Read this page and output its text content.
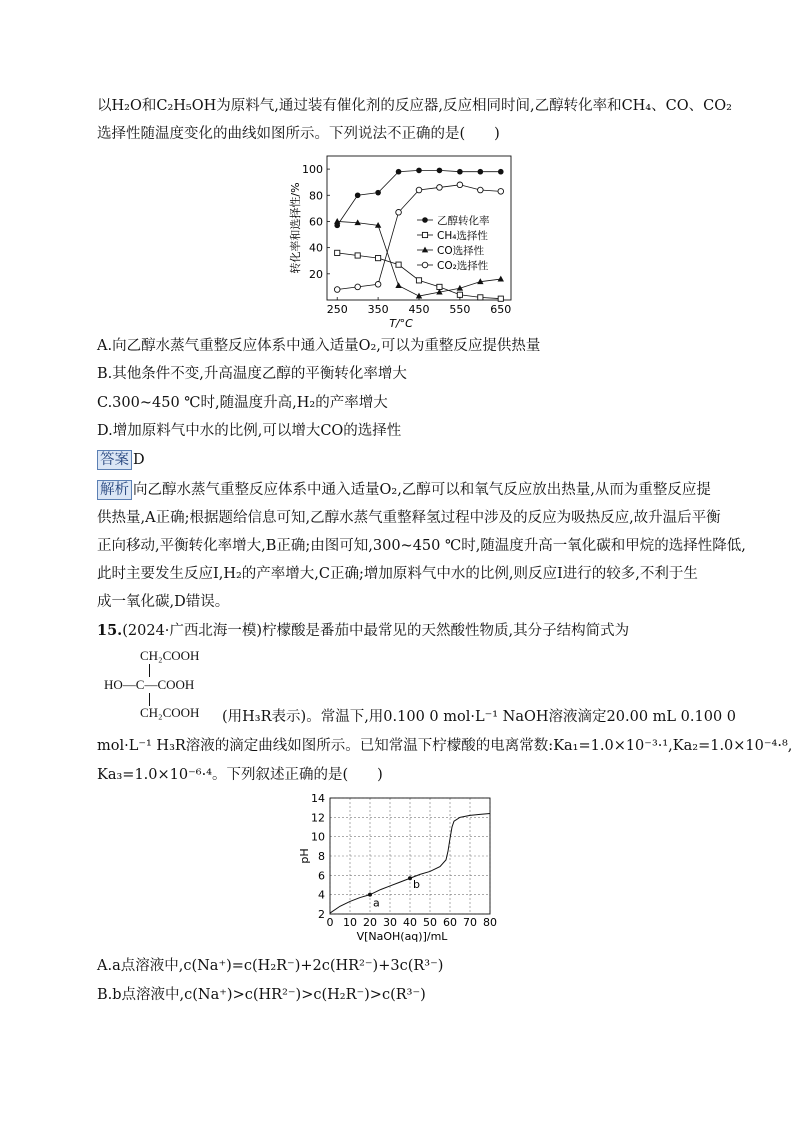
以H₂O和C₂H₅OH为原料气,通过装有催化剂的反应器,反应相同时间,乙醇转化率和CH₄、CO、CO₂
选择性随温度变化的曲线如图所示。下列说法不正确的是(　　)
20
40
60
80
100
250 350 450 550 650
T/°C
转化率和选择性/%	乙醇转化率
CH₄选择性
CO选择性
CO₂选择性
A.向乙醇水蒸气重整反应体系中通入适量O₂,可以为重整反应提供热量
B.其他条件不变,升高温度乙醇的平衡转化率增大
C.300~450 ℃时,随温度升高,H₂的产率增大
D.增加原料气中水的比例,可以增大CO的选择性
答案 D
解析 向乙醇水蒸气重整反应体系中通入适量O₂,乙醇可以和氧气反应放出热量,从而为重整反应提
供热量,A正确;根据题给信息可知,乙醇水蒸气重整释氢过程中涉及的反应为吸热反应,故升温后平衡
正向移动,平衡转化率增大,B正确;由图可知,300~450 ℃时,随温度升高一氧化碳和甲烷的选择性降低,
此时主要发生反应Ⅰ,H₂的产率增大,C正确;增加原料气中水的比例,则反应Ⅰ进行的较多,不利于生
成一氧化碳,D错误。
15.(2024·广西北海一模)柠檬酸是番茄中最常见的天然酸性物质,其分子结构简式为
CH₂COOH
HO—C—COOH
CH₂COOH (用H₃R表示)。常温下,用0.100 0 mol·L⁻¹ NaOH溶液滴定20.00 mL 0.100 0
mol·L⁻¹ H₃R溶液的滴定曲线如图所示。已知常温下柠檬酸的电离常数:Ka₁=1.0×10⁻³·¹,Ka₂=1.0×10⁻⁴·⁸,
Ka₃=1.0×10⁻⁶·⁴。下列叙述正确的是(　　)
2
4
6
8
10
12
14
0 10 20 30 40 50 60 70 80
V[NaOH(aq)]/mL
pH
a
b
A.a点溶液中,c(Na⁺)=c(H₂R⁻)+2c(HR²⁻)+3c(R³⁻)
B.b点溶液中,c(Na⁺)>c(HR²⁻)>c(H₂R⁻)>c(R³⁻)
